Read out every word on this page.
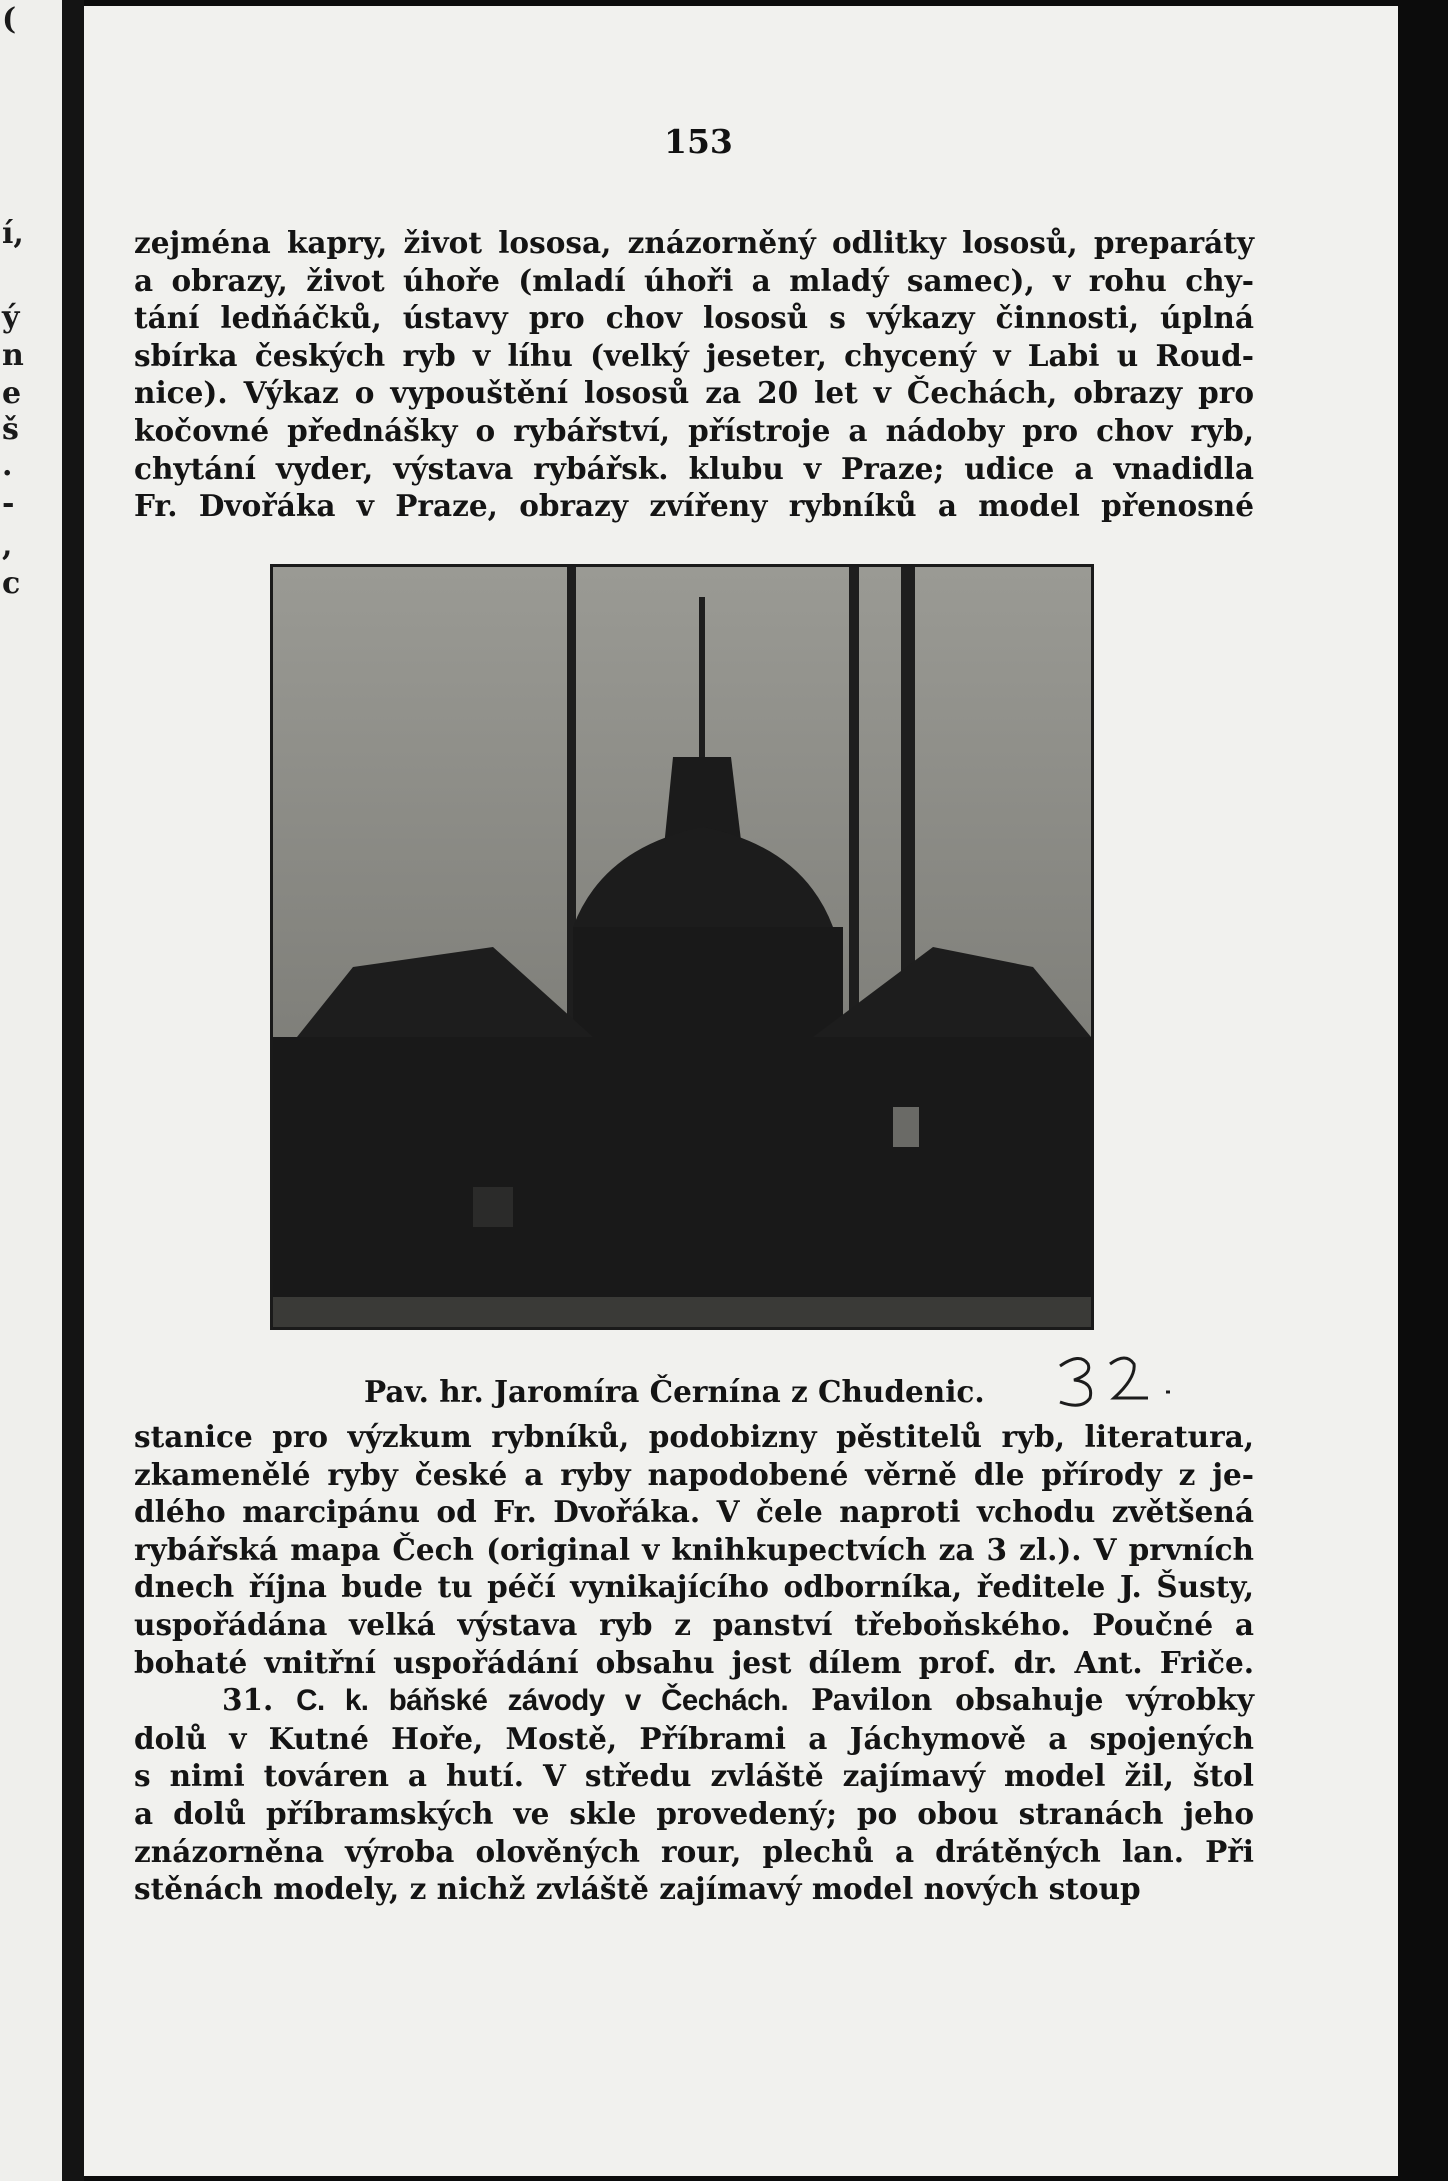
(
í,
ý
n
e
š
.
-
,
c
153
zejména kapry, život lososa, znázorněný odlitky lososů, preparáty
a obrazy, život úhoře (mladí úhoři a mladý samec), v rohu chy-
tání ledňáčků, ústavy pro chov lososů s výkazy činnosti, úplná
sbírka českých ryb v líhu (velký jeseter, chycený v Labi u Roud-
nice). Výkaz o vypouštění lososů za 20 let v Čechách, obrazy pro
kočovné přednášky o rybářství, přístroje a nádoby pro chov ryb,
chytání vyder, výstava rybářsk. klubu v Praze; udice a vnadidla
Fr. Dvořáka v Praze, obrazy zvířeny rybníků a model přenosné
Pav. hr. Jaromíra Černína z Chudenic.
stanice pro výzkum rybníků, podobizny pěstitelů ryb, literatura,
zkamenělé ryby české a ryby napodobené věrně dle přírody z je-
dlého marcipánu od Fr. Dvořáka. V čele naproti vchodu zvětšená
rybářská mapa Čech (original v knihkupectvích za 3 zl.). V prvních
dnech října bude tu péčí vynikajícího odborníka, ředitele J. Šusty,
uspořádána velká výstava ryb z panství třeboňského. Poučné a
bohaté vnitřní uspořádání obsahu jest dílem prof. dr. Ant. Friče.
31. C. k. báňské závody v Čechách. Pavilon obsahuje výrobky
dolů v Kutné Hoře, Mostě, Příbrami a Jáchymově a spojených
s nimi továren a hutí. V středu zvláště zajímavý model žil, štol
a dolů příbramských ve skle provedený; po obou stranách jeho
znázorněna výroba olověných rour, plechů a drátěných lan. Při
stěnách modely, z nichž zvláště zajímavý model nových stoup
